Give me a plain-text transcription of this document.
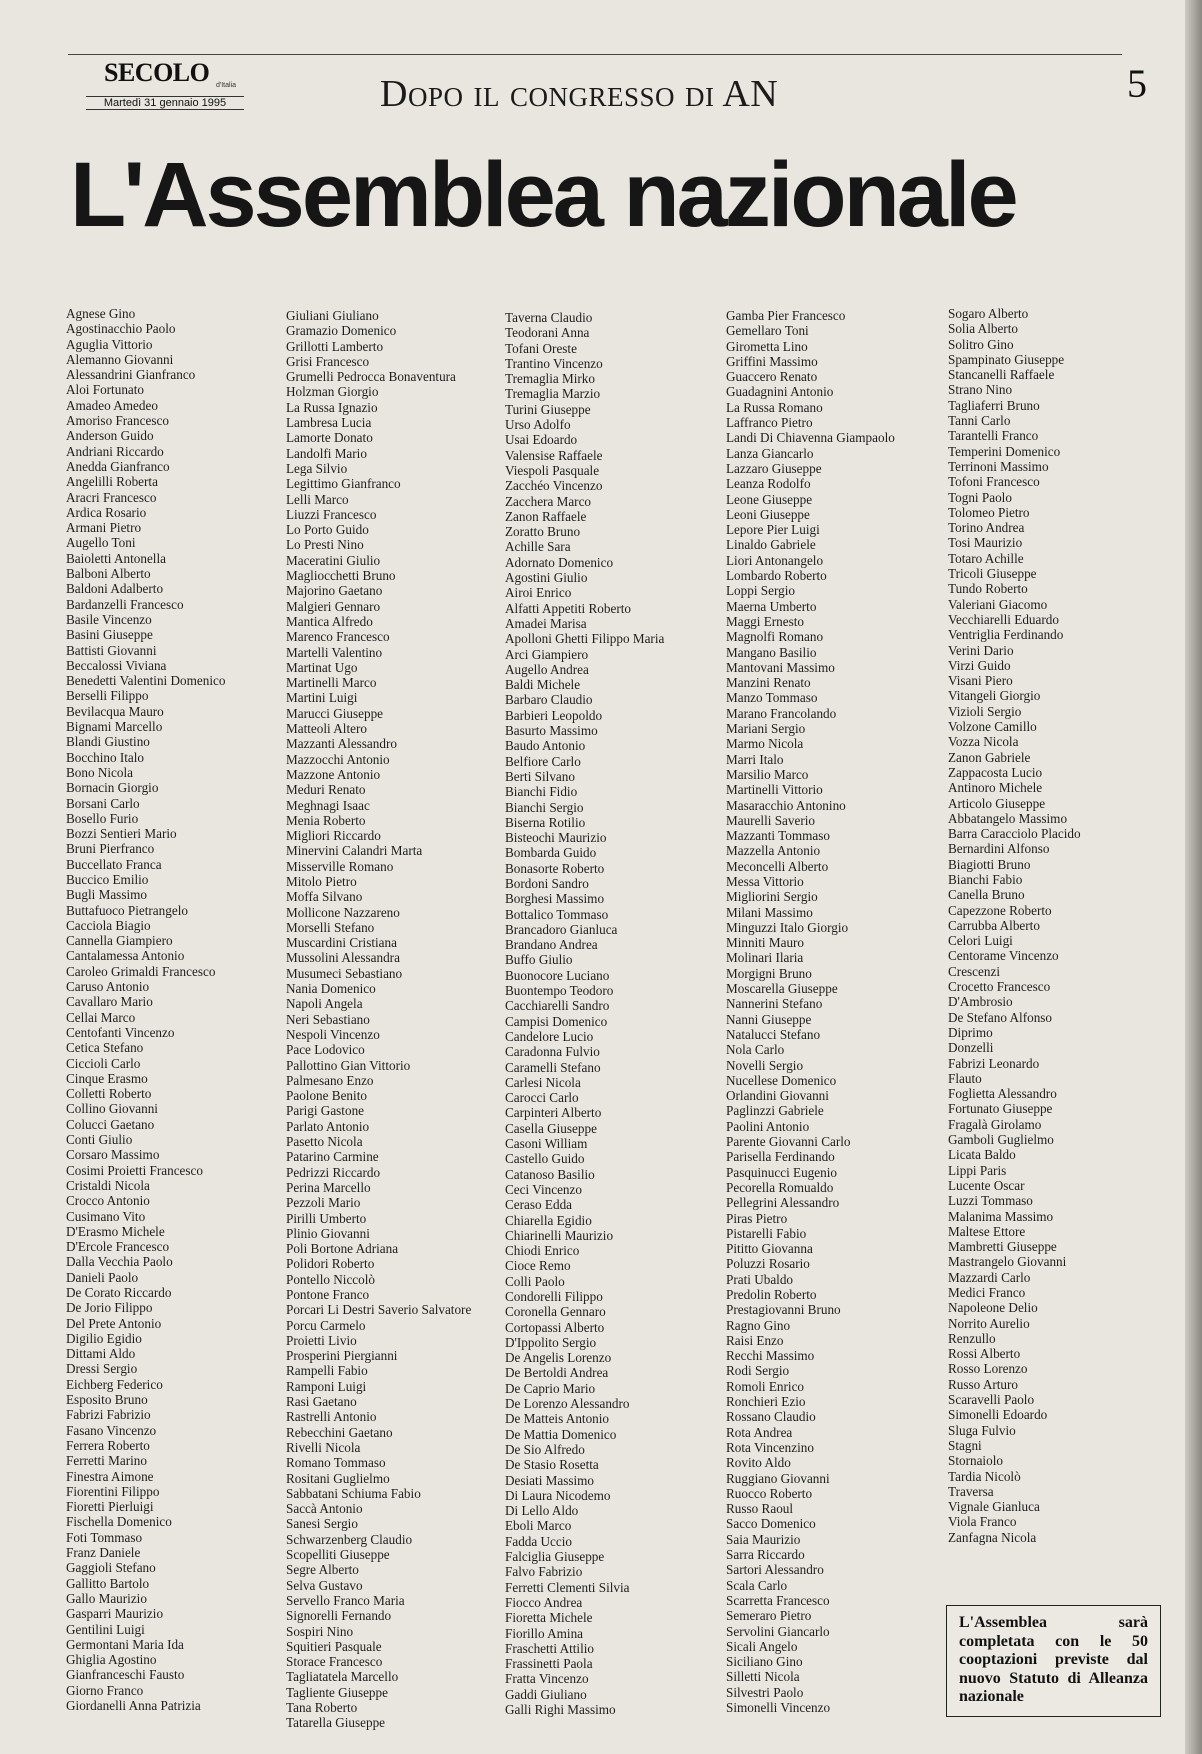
SECOLO d'Italia
Martedì 31 gennaio 1995	Dopo il congresso di AN	5
L'Assemblea nazionale
Agnese Gino
Agostinacchio Paolo
Aguglia Vittorio
Alemanno Giovanni
Alessandrini Gianfranco
Aloi Fortunato
Amadeo Amedeo
Amoriso Francesco
Anderson Guido
Andriani Riccardo
Anedda Gianfranco
Angelilli Roberta
Aracri Francesco
Ardica Rosario
Armani Pietro
Augello Toni
Baioletti Antonella
Balboni Alberto
Baldoni Adalberto
Bardanzelli Francesco
Basile Vincenzo
Basini Giuseppe
Battisti Giovanni
Beccalossi Viviana
Benedetti Valentini Domenico
Berselli Filippo
Bevilacqua Mauro
Bignami Marcello
Blandi Giustino
Bocchino Italo
Bono Nicola
Bornacin Giorgio
Borsani Carlo
Bosello Furio
Bozzi Sentieri Mario
Bruni Pierfranco
Buccellato Franca
Buccico Emilio
Bugli Massimo
Buttafuoco Pietrangelo
Cacciola Biagio
Cannella Giampiero
Cantalamessa Antonio
Caroleo Grimaldi Francesco
Caruso Antonio
Cavallaro Mario
Cellai Marco
Centofanti Vincenzo
Cetica Stefano
Ciccioli Carlo
Cinque Erasmo
Colletti Roberto
Collino Giovanni
Colucci Gaetano
Conti Giulio
Corsaro Massimo
Cosimi Proietti Francesco
Cristaldi Nicola
Crocco Antonio
Cusimano Vito
D'Erasmo Michele
D'Ercole Francesco
Dalla Vecchia Paolo
Danieli Paolo
De Corato Riccardo
De Jorio Filippo
Del Prete Antonio
Digilio Egidio
Dittami Aldo
Dressi Sergio
Eichberg Federico
Esposito Bruno
Fabrizi Fabrizio
Fasano Vincenzo
Ferrera Roberto
Ferretti Marino
Finestra Aimone
Fiorentini Filippo
Fioretti Pierluigi
Fischella Domenico
Foti Tommaso
Franz Daniele
Gaggioli Stefano
Gallitto Bartolo
Gallo Maurizio
Gasparri Maurizio
Gentilini Luigi
Germontani Maria Ida
Ghiglia Agostino
Gianfranceschi Fausto
Giorno Franco
Giordanelli Anna Patrizia
Giuliani Giuliano
Gramazio Domenico
Grillotti Lamberto
Grisi Francesco
Grumelli Pedrocca Bonaventura
Holzman Giorgio
La Russa Ignazio
Lambresa Lucia
Lamorte Donato
Landolfi Mario
Lega Silvio
Legittimo Gianfranco
Lelli Marco
Liuzzi Francesco
Lo Porto Guido
Lo Presti Nino
Maceratini Giulio
Magliocchetti Bruno
Majorino Gaetano
Malgieri Gennaro
Mantica Alfredo
Marenco Francesco
Martelli Valentino
Martinat Ugo
Martinelli Marco
Martini Luigi
Marucci Giuseppe
Matteoli Altero
Mazzanti Alessandro
Mazzocchi Antonio
Mazzone Antonio
Meduri Renato
Meghnagi Isaac
Menia Roberto
Migliori Riccardo
Minervini Calandri Marta
Misserville Romano
Mitolo Pietro
Moffa Silvano
Mollicone Nazzareno
Morselli Stefano
Muscardini Cristiana
Mussolini Alessandra
Musumeci Sebastiano
Nania Domenico
Napoli Angela
Neri Sebastiano
Nespoli Vincenzo
Pace Lodovico
Pallottino Gian Vittorio
Palmesano Enzo
Paolone Benito
Parigi Gastone
Parlato Antonio
Pasetto Nicola
Patarino Carmine
Pedrizzi Riccardo
Perina Marcello
Pezzoli Mario
Pirilli Umberto
Plinio Giovanni
Poli Bortone Adriana
Polidori Roberto
Pontello Niccolò
Pontone Franco
Porcari Li Destri Saverio Salvatore
Porcu Carmelo
Proietti Livio
Prosperini Piergianni
Rampelli Fabio
Ramponi Luigi
Rasi Gaetano
Rastrelli Antonio
Rebecchini Gaetano
Rivelli Nicola
Romano Tommaso
Rositani Guglielmo
Sabbatani Schiuma Fabio
Saccà Antonio
Sanesi Sergio
Schwarzenberg Claudio
Scopelliti Giuseppe
Segre Alberto
Selva Gustavo
Servello Franco Maria
Signorelli Fernando
Sospiri Nino
Squitieri Pasquale
Storace Francesco
Tagliatatela Marcello
Tagliente Giuseppe
Tana Roberto
Tatarella Giuseppe
Taverna Claudio
Teodorani Anna
Tofani Oreste
Trantino Vincenzo
Tremaglia Mirko
Tremaglia Marzio
Turini Giuseppe
Urso Adolfo
Usai Edoardo
Valensise Raffaele
Viespoli Pasquale
Zacchéo Vincenzo
Zacchera Marco
Zanon Raffaele
Zoratto Bruno
Achille Sara
Adornato Domenico
Agostini Giulio
Airoi Enrico
Alfatti Appetiti Roberto
Amadei Marisa
Apolloni Ghetti Filippo Maria
Arci Giampiero
Augello Andrea
Baldi Michele
Barbaro Claudio
Barbieri Leopoldo
Basurto Massimo
Baudo Antonio
Belfiore Carlo
Berti Silvano
Bianchi Fidio
Bianchi Sergio
Biserna Rotilio
Bisteochi Maurizio
Bombarda Guido
Bonasorte Roberto
Bordoni Sandro
Borghesi Massimo
Bottalico Tommaso
Brancadoro Gianluca
Brandano Andrea
Buffo Giulio
Buonocore Luciano
Buontempo Teodoro
Cacchiarelli Sandro
Campisi Domenico
Candelore Lucio
Caradonna Fulvio
Caramelli Stefano
Carlesi Nicola
Carocci Carlo
Carpinteri Alberto
Casella Giuseppe
Casoni William
Castello Guido
Catanoso Basilio
Ceci Vincenzo
Ceraso Edda
Chiarella Egidio
Chiarinelli Maurizio
Chiodi Enrico
Cioce Remo
Colli Paolo
Condorelli Filippo
Coronella Gennaro
Cortopassi Alberto
D'Ippolito Sergio
De Angelis Lorenzo
De Bertoldi Andrea
De Caprio Mario
De Lorenzo Alessandro
De Matteis Antonio
De Mattia Domenico
De Sio Alfredo
De Stasio Rosetta
Desiati Massimo
Di Laura Nicodemo
Di Lello Aldo
Eboli Marco
Fadda Uccio
Falciglia Giuseppe
Falvo Fabrizio
Ferretti Clementi Silvia
Fiocco Andrea
Fioretta Michele
Fiorillo Amina
Fraschetti Attilio
Frassinetti Paola
Fratta Vincenzo
Gaddi Giuliano
Galli Righi Massimo
Gamba Pier Francesco
Gemellaro Toni
Girometta Lino
Griffini Massimo
Guaccero Renato
Guadagnini Antonio
La Russa Romano
Laffranco Pietro
Landi Di Chiavenna Giampaolo
Lanza Giancarlo
Lazzaro Giuseppe
Leanza Rodolfo
Leone Giuseppe
Leoni Giuseppe
Lepore Pier Luigi
Linaldo Gabriele
Liori Antonangelo
Lombardo Roberto
Loppi Sergio
Maerna Umberto
Maggi Ernesto
Magnolfi Romano
Mangano Basilio
Mantovani Massimo
Manzini Renato
Manzo Tommaso
Marano Francolando
Mariani Sergio
Marmo Nicola
Marri Italo
Marsilio Marco
Martinelli Vittorio
Masaracchio Antonino
Maurelli Saverio
Mazzanti Tommaso
Mazzella Antonio
Meconcelli Alberto
Messa Vittorio
Migliorini Sergio
Milani Massimo
Minguzzi Italo Giorgio
Minniti Mauro
Molinari Ilaria
Morgigni Bruno
Moscarella Giuseppe
Nannerini Stefano
Nanni Giuseppe
Natalucci Stefano
Nola Carlo
Novelli Sergio
Nucellese Domenico
Orlandini Giovanni
Paglinzzi Gabriele
Paolini Antonio
Parente Giovanni Carlo
Parisella Ferdinando
Pasquinucci Eugenio
Pecorella Romualdo
Pellegrini Alessandro
Piras Pietro
Pistarelli Fabio
Pititto Giovanna
Poluzzi Rosario
Prati Ubaldo
Predolin Roberto
Prestagiovanni Bruno
Ragno Gino
Raisi Enzo
Recchi Massimo
Rodi Sergio
Romoli Enrico
Ronchieri Ezio
Rossano Claudio
Rota Andrea
Rota Vincenzino
Rovito Aldo
Ruggiano Giovanni
Ruocco Roberto
Russo Raoul
Sacco Domenico
Saia Maurizio
Sarra Riccardo
Sartori Alessandro
Scala Carlo
Scarretta Francesco
Semeraro Pietro
Servolini Giancarlo
Sicali Angelo
Siciliano Gino
Silletti Nicola
Silvestri Paolo
Simonelli Vincenzo
Sogaro Alberto
Solia Alberto
Solitro Gino
Spampinato Giuseppe
Stancanelli Raffaele
Strano Nino
Tagliaferri Bruno
Tanni Carlo
Tarantelli Franco
Temperini Domenico
Terrinoni Massimo
Tofoni Francesco
Togni Paolo
Tolomeo Pietro
Torino Andrea
Tosi Maurizio
Totaro Achille
Tricoli Giuseppe
Tundo Roberto
Valeriani Giacomo
Vecchiarelli Eduardo
Ventriglia Ferdinando
Verini Dario
Virzi Guido
Visani Piero
Vitangeli Giorgio
Vizioli Sergio
Volzone Camillo
Vozza Nicola
Zanon Gabriele
Zappacosta Lucio
Antinoro Michele
Articolo Giuseppe
Abbatangelo Massimo
Barra Caracciolo Placido
Bernardini Alfonso
Biagiotti Bruno
Bianchi Fabio
Canella Bruno
Capezzone Roberto
Carrubba Alberto
Celori Luigi
Centorame Vincenzo
Crescenzi
Crocetto Francesco
D'Ambrosio
De Stefano Alfonso
Diprimo
Donzelli
Fabrizi Leonardo
Flauto
Foglietta Alessandro
Fortunato Giuseppe
Fragalà Girolamo
Gamboli Guglielmo
Licata Baldo
Lippi Paris
Lucente Oscar
Luzzi Tommaso
Malanima Massimo
Maltese Ettore
Mambretti Giuseppe
Mastrangelo Giovanni
Mazzardi Carlo
Medici Franco
Napoleone Delio
Norrito Aurelio
Renzullo
Rossi Alberto
Rosso Lorenzo
Russo Arturo
Scaravelli Paolo
Simonelli Edoardo
Sluga Fulvio
Stagni
Stornaiolo
Tardia Nicolò
Traversa
Vignale Gianluca
Viola Franco
Zanfagna Nicola
L'Assemblea sarà completata con le 50 cooptazioni previste dal nuovo Statuto di Alleanza nazionale
